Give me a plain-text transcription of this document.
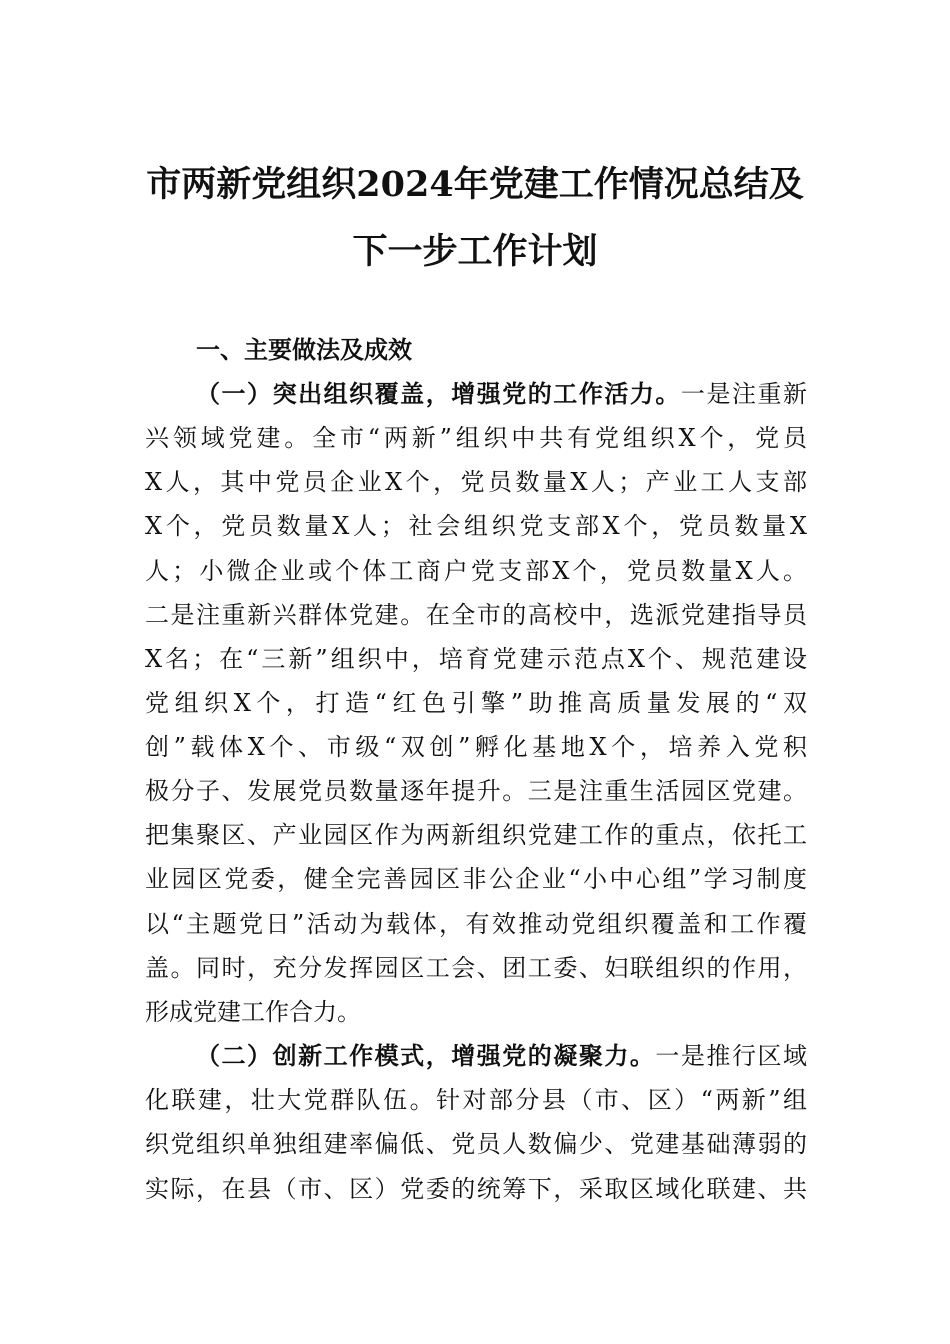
市两新党组织2024年党建工作情况总结及
下一步工作计划
一、主要做法及成效
（一）突出组织覆盖，增强党的工作活力。一是注重新
兴领域党建。全市“两新”组织中共有党组织X个，党员
X人，其中党员企业X个，党员数量X人；产业工人支部
X个，党员数量X人；社会组织党支部X个，党员数量X
人；小微企业或个体工商户党支部X个，党员数量X人。
二是注重新兴群体党建。在全市的高校中，选派党建指导员
X名；在“三新”组织中，培育党建示范点X个、规范建设
党组织X个，打造“红色引擎”助推高质量发展的“双
创”载体X个、市级“双创”孵化基地X个，培养入党积
极分子、发展党员数量逐年提升。三是注重生活园区党建。
把集聚区、产业园区作为两新组织党建工作的重点，依托工
业园区党委，健全完善园区非公企业“小中心组”学习制度
以“主题党日”活动为载体，有效推动党组织覆盖和工作覆
盖。同时，充分发挥园区工会、团工委、妇联组织的作用，
形成党建工作合力。
（二）创新工作模式，增强党的凝聚力。一是推行区域
化联建，壮大党群队伍。针对部分县（市、区）“两新”组
织党组织单独组建率偏低、党员人数偏少、党建基础薄弱的
实际，在县（市、区）党委的统筹下，采取区域化联建、共
